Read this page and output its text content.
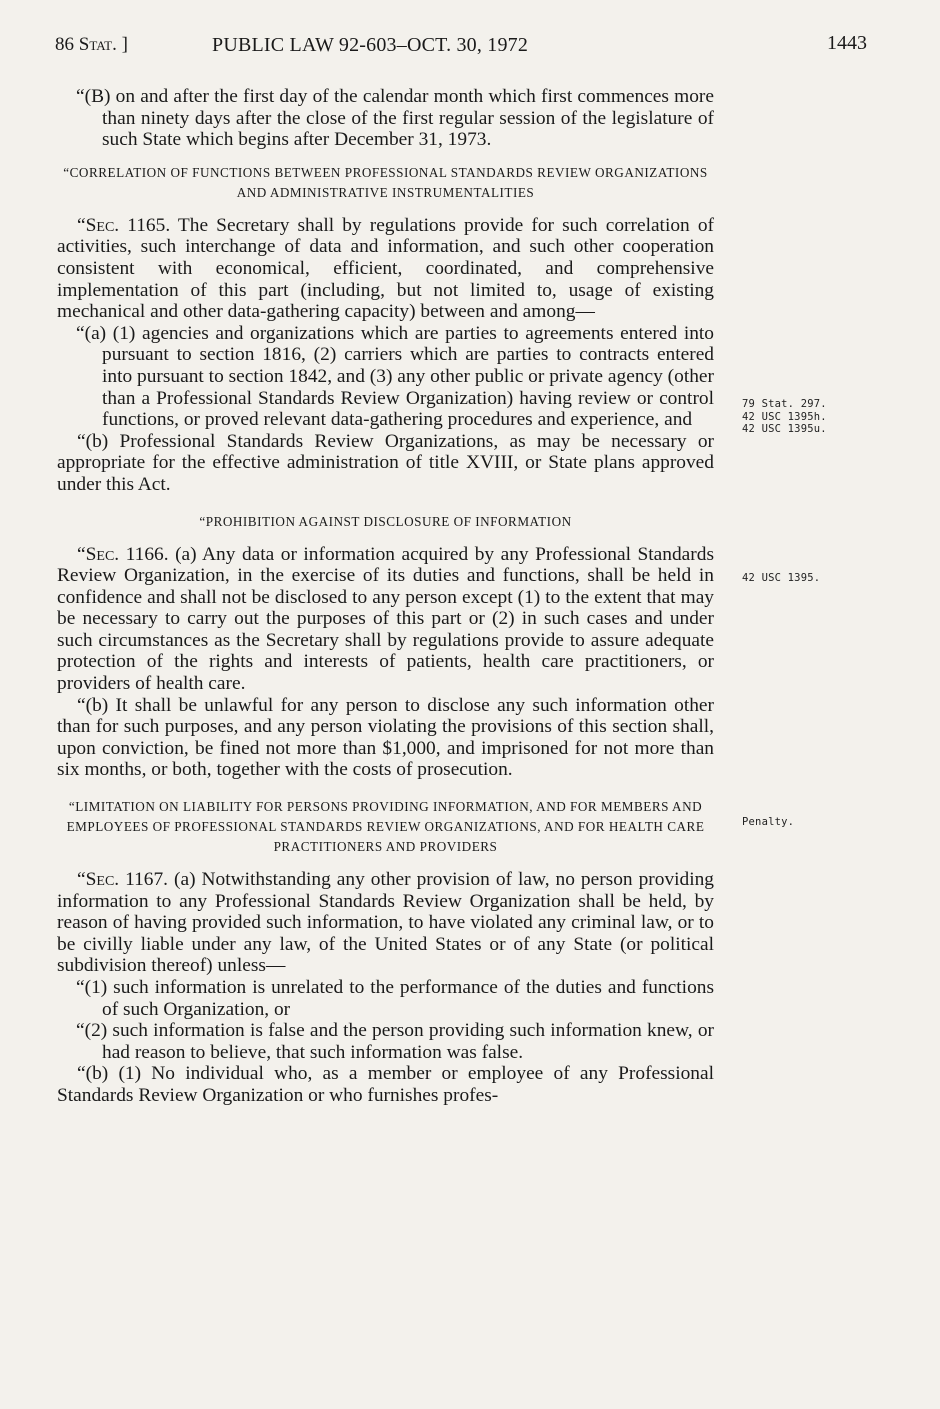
86 Stat. ]	PUBLIC LAW 92-603–OCT. 30, 1972	1443

“(B) on and after the first day of the calendar month which first commences more than ninety days after the close of the first regular session of the legislature of such State which begins after December 31, 1973.

“CORRELATION OF FUNCTIONS BETWEEN PROFESSIONAL STANDARDS REVIEW ORGANIZATIONS AND ADMINISTRATIVE INSTRUMENTALITIES

“Sec. 1165. The Secretary shall by regulations provide for such correlation of activities, such interchange of data and information, and such other cooperation consistent with economical, efficient, coordinated, and comprehensive implementation of this part (including, but not limited to, usage of existing mechanical and other data-gathering capacity) between and among—

“(a) (1) agencies and organizations which are parties to agreements entered into pursuant to section 1816, (2) carriers which are parties to contracts entered into pursuant to section 1842, and (3) any other public or private agency (other than a Professional Standards Review Organization) having review or control functions, or proved relevant data-gathering procedures and experience, and

“(b) Professional Standards Review Organizations, as may be necessary or appropriate for the effective administration of title XVIII, or State plans approved under this Act.

“PROHIBITION AGAINST DISCLOSURE OF INFORMATION

“Sec. 1166. (a) Any data or information acquired by any Professional Standards Review Organization, in the exercise of its duties and functions, shall be held in confidence and shall not be disclosed to any person except (1) to the extent that may be necessary to carry out the purposes of this part or (2) in such cases and under such circumstances as the Secretary shall by regulations provide to assure adequate protection of the rights and interests of patients, health care practitioners, or providers of health care.

“(b) It shall be unlawful for any person to disclose any such information other than for such purposes, and any person violating the provisions of this section shall, upon conviction, be fined not more than $1,000, and imprisoned for not more than six months, or both, together with the costs of prosecution.

“LIMITATION ON LIABILITY FOR PERSONS PROVIDING INFORMATION, AND FOR MEMBERS AND EMPLOYEES OF PROFESSIONAL STANDARDS REVIEW ORGANIZATIONS, AND FOR HEALTH CARE PRACTITIONERS AND PROVIDERS

“Sec. 1167. (a) Notwithstanding any other provision of law, no person providing information to any Professional Standards Review Organization shall be held, by reason of having provided such information, to have violated any criminal law, or to be civilly liable under any law, of the United States or of any State (or political subdivision thereof) unless—

“(1) such information is unrelated to the performance of the duties and functions of such Organization, or

“(2) such information is false and the person providing such information knew, or had reason to believe, that such information was false.

“(b) (1) No individual who, as a member or employee of any Professional Standards Review Organization or who furnishes profes-

79 Stat. 297.
42 USC 1395h.
42 USC 1395u.
42 USC 1395.
Penalty.
